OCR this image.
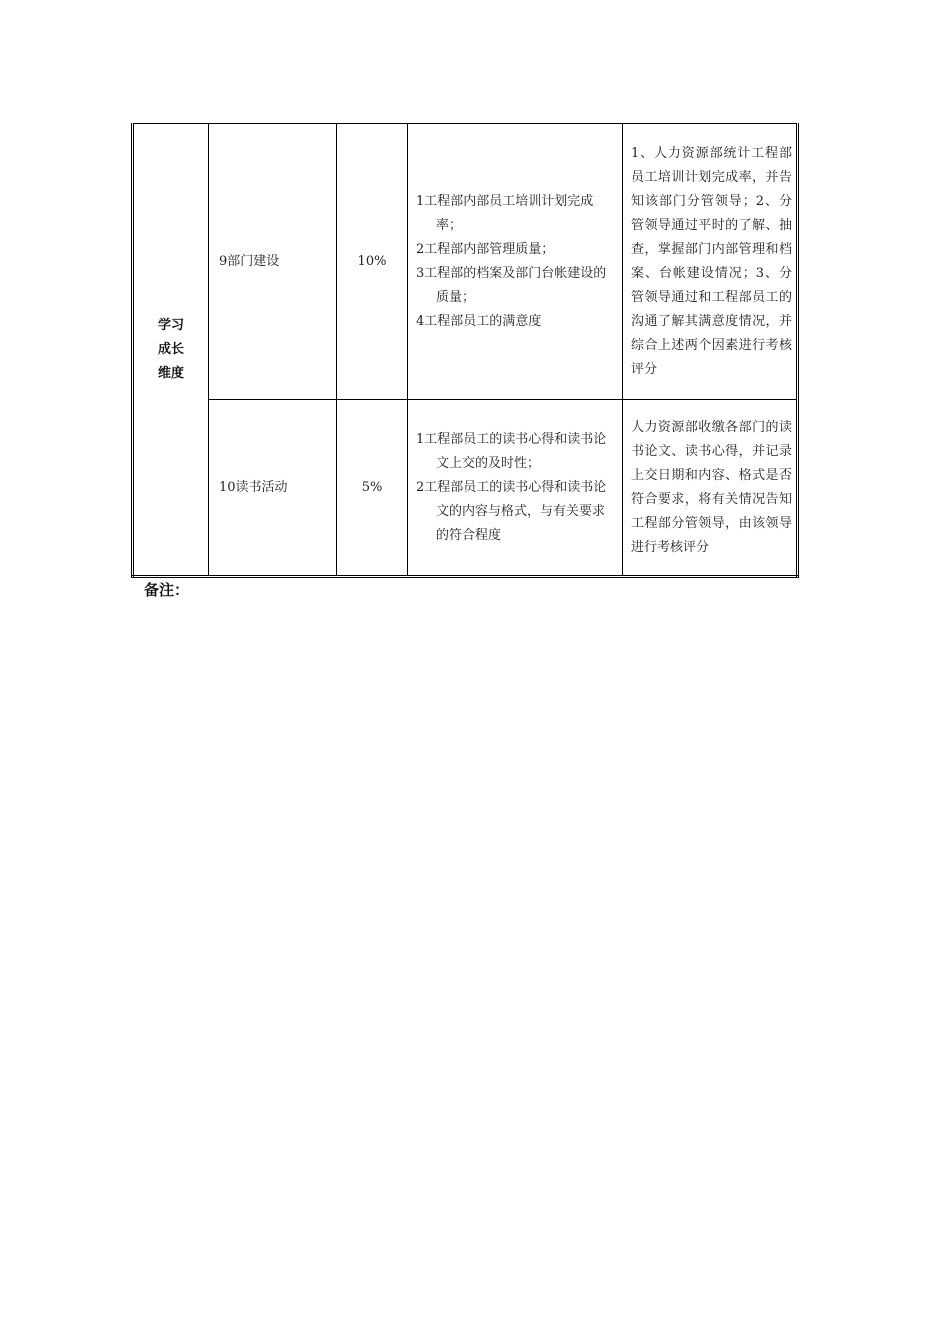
学习
成长
维度	9部门建设	10%	1工程部内部员工培训计划完成率；
2工程部内部管理质量；
3工程部的档案及部门台帐建设的质量；
4工程部员工的满意度	1、人力资源部统计工程部员工培训计划完成率，并告知该部门分管领导；2、分管领导通过平时的了解、抽查，掌握部门内部管理和档案、台帐建设情况；3、分管领导通过和工程部员工的沟通了解其满意度情况，并综合上述两个因素进行考核评分
	10读书活动	5%	1工程部员工的读书心得和读书论文上交的及时性；
2工程部员工的读书心得和读书论文的内容与格式，与有关要求的符合程度	人力资源部收缴各部门的读书论文、读书心得，并记录上交日期和内容、格式是否符合要求，将有关情况告知工程部分管领导，由该领导进行考核评分
备注：
